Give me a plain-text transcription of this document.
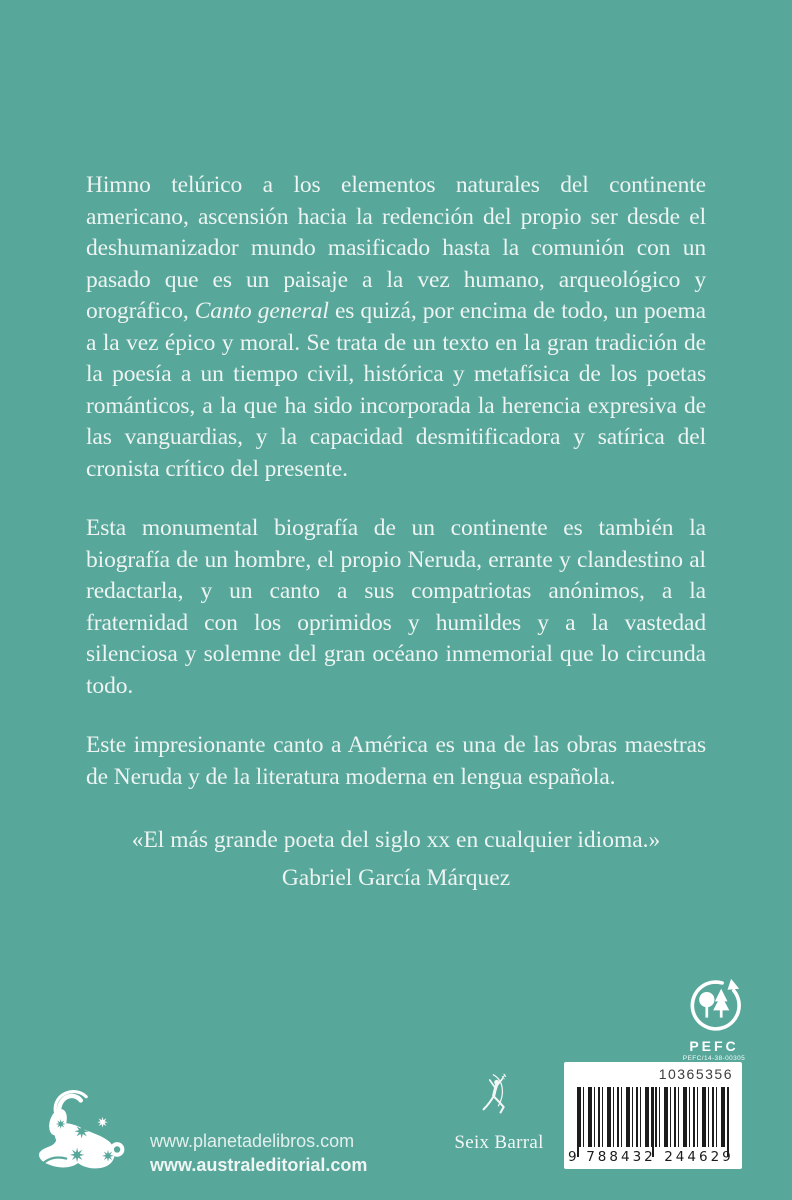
Himno telúrico a los elementos naturales del continente americano, ascensión hacia la redención del propio ser desde el deshumanizador mundo masificado hasta la comunión con un pasado que es un paisaje a la vez humano, arqueológico y orográfico, Canto general es quizá, por encima de todo, un poema a la vez épico y moral. Se trata de un texto en la gran tradición de la poesía a un tiempo civil, histórica y metafísica de los poetas románticos, a la que ha sido incorporada la herencia expresiva de las vanguardias, y la capacidad desmitificadora y satírica del cronista crítico del presente.

Esta monumental biografía de un continente es también la biografía de un hombre, el propio Neruda, errante y clandestino al redactarla, y un canto a sus compatriotas anónimos, a la fraternidad con los oprimidos y humildes y a la vastedad silenciosa y solemne del gran océano inmemorial que lo circunda todo.

Este impresionante canto a América es una de las obras maestras de Neruda y de la literatura moderna en lengua española.

«El más grande poeta del siglo xx en cualquier idioma.»

Gabriel García Márquez

PEFC
PEFC/14-38-00305
10365356
9 788432 244629
www.planetadelibros.com
www.australeditorial.com
Seix Barral
